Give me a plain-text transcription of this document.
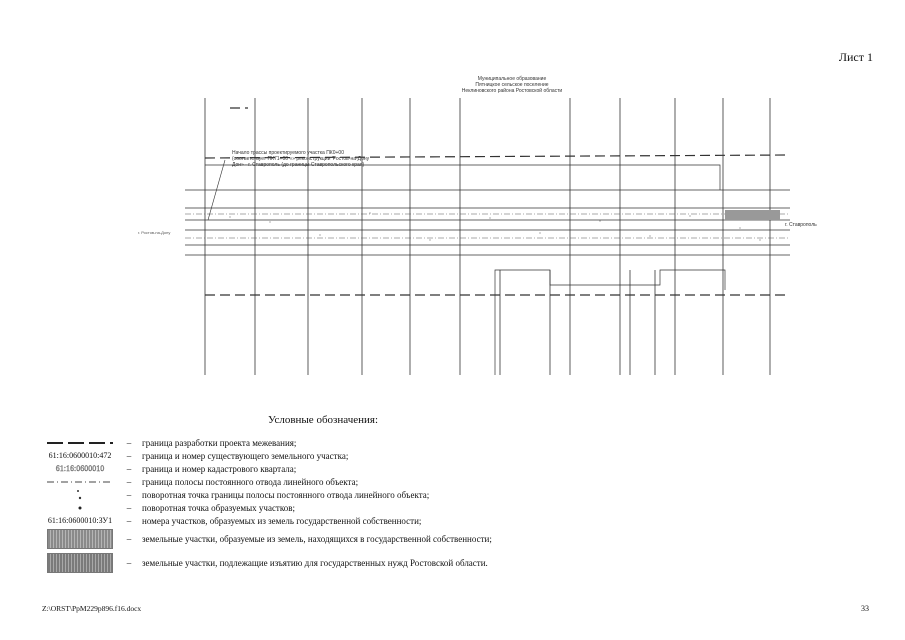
Лист 1
Муниципальное образование
Пятницкое сельское поселение
Неклиновского района Ростовской области
Начало трассы проектируемого участка ПК0+00
(соответствует ПК71+00 «» реконструкции 'Ростов-на-Дону
Дон» - г. Ставрополь (до границы Ставропольского края)
г. Ставрополь
г. Ростов-на-Дону
Условные обозначения:
–	граница разработки проекта межевания;
61:16:0600010:472	–	граница и номер существующего земельного участка;
61:16:0600010	–	граница и номер кадастрового квартала;
–	граница полосы постоянного отвода линейного объекта;
–	поворотная точка границы полосы постоянного отвода линейного объекта;
–	поворотная точка образуемых участков;
61:16:0600010:ЗУ1	–	номера участков, образуемых из земель государственной собственности;
–	земельные участки, образуемые из земель, находящихся в государственной собственности;
–	земельные участки, подлежащие изъятию для государственных нужд Ростовской области.
Z:\ORST\PpM229p896.f16.docx	33
